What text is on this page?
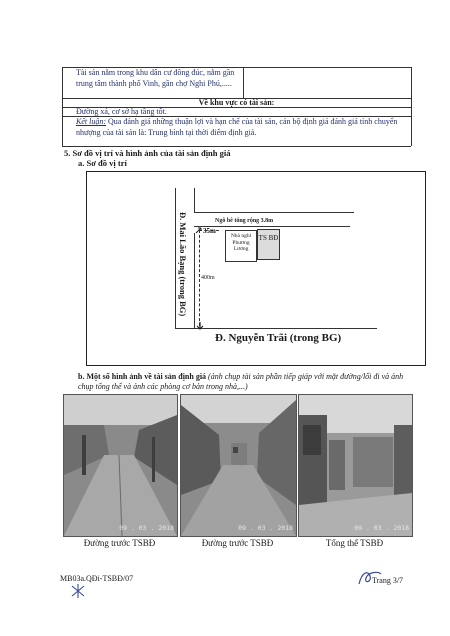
Tài sản nằm trong khu dân cư đông đúc, nằm gần trung tâm thành phố Vinh, gần chợ Nghi Phú,.....
Về khu vực có tài sản:
Đường xá, cơ sở hạ tầng tốt.
Kết luận: Qua đánh giá những thuận lợi và hạn chế của tài sản, cán bộ định giá đánh giá tính chuyển nhượng của tài sản là: Trung bình tại thời điểm định giá.
5. Sơ đồ vị trí và hình ảnh của tài sản định giá
a. Sơ đồ vị trí
Ngõ bê tông rộng 3.8m
Đ. Mai Lão Bạng (trong BG)
Đ. Nguyễn Trãi (trong BG)
35m
400m
Nhà nghỉ Phương Lương
TS BĐ
b. Một số hình ảnh về tài sản định giá (ảnh chụp tài sản phần tiếp giáp với mặt đường/lối đi và ảnh chụp tổng thể và ảnh các phòng cơ bản trong nhà,...)
09 . 03 . 2018	09 . 03 . 2018	09 . 03 . 2018
Đường trước TSBĐ	Đường trước TSBĐ	Tổng thể TSBĐ
MB03a.QĐi-TSBĐ/07	Trang 3/7
